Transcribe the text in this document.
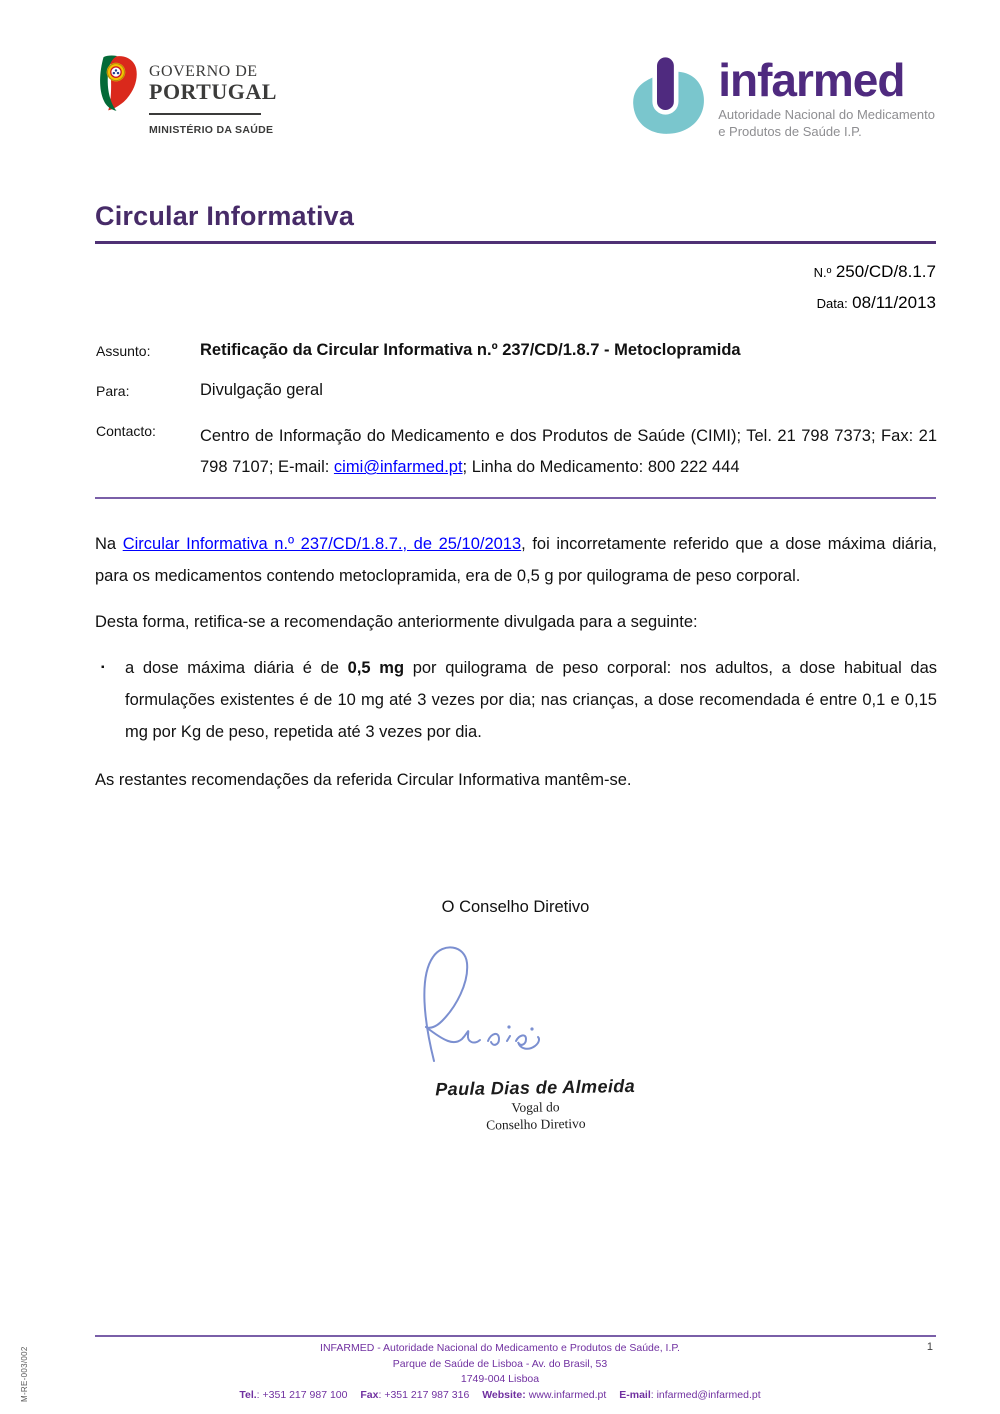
GOVERNO DE
PORTUGAL
MINISTÉRIO DA SAÚDE
infarmed
Autoridade Nacional do Medicamento
e Produtos de Saúde I.P.
Circular Informativa
N.º 250/CD/8.1.7
Data: 08/11/2013
Assunto:	Retificação da Circular Informativa n.º 237/CD/1.8.7 - Metoclopramida
Para:	Divulgação geral
Contacto:	Centro de Informação do Medicamento e dos Produtos de Saúde (CIMI); Tel. 21 798 7373; Fax: 21 798 7107; E-mail: cimi@infarmed.pt; Linha do Medicamento: 800 222 444

Na Circular Informativa n.º 237/CD/1.8.7., de 25/10/2013, foi incorretamente referido que a dose máxima diária, para os medicamentos contendo metoclopramida, era de 0,5 g por quilograma de peso corporal.

Desta forma, retifica-se a recomendação anteriormente divulgada para a seguinte:

▪	a dose máxima diária é de 0,5 mg por quilograma de peso corporal: nos adultos, a dose habitual das formulações existentes é de 10 mg até 3 vezes por dia; nas crianças, a dose recomendada é entre 0,1 e 0,15 mg por Kg de peso, repetida até 3 vezes por dia.

As restantes recomendações da referida Circular Informativa mantêm-se.

O Conselho Diretivo
Paula Dias de Almeida
Vogal do
Conselho Diretivo
INFARMED - Autoridade Nacional do Medicamento e Produtos de Saúde, I.P.
Parque de Saúde de Lisboa - Av. do Brasil, 53
1749-004 Lisboa
Tel.: +351 217 987 100 Fax: +351 217 987 316 Website: www.infarmed.pt E-mail: infarmed@infarmed.pt
1
M-RE-003/002
